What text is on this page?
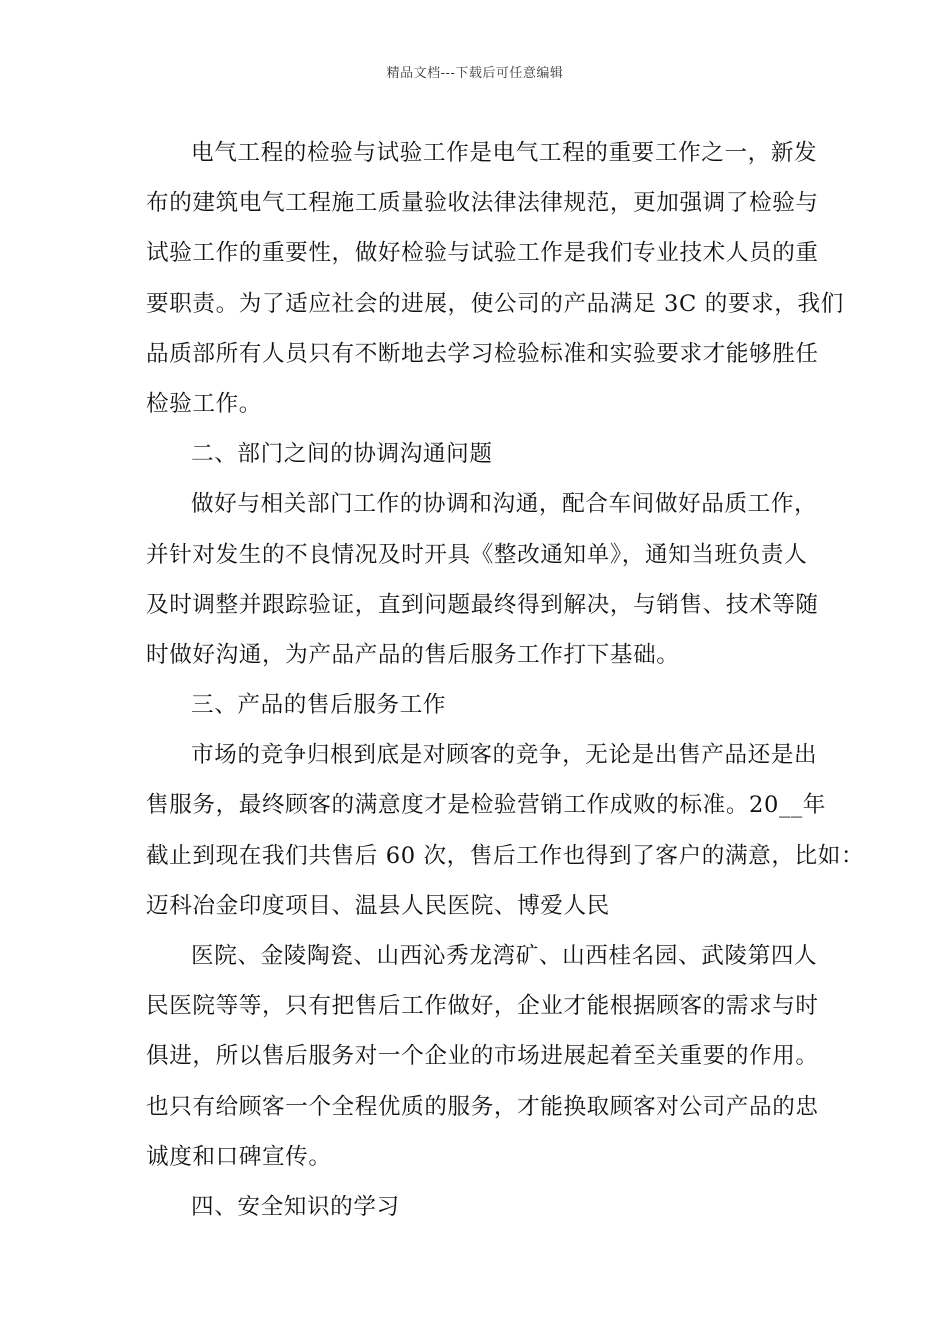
精品文档---下载后可任意编辑
电气工程的检验与试验工作是电气工程的重要工作之一，新发
布的建筑电气工程施工质量验收法律法律规范，更加强调了检验与
试验工作的重要性，做好检验与试验工作是我们专业技术人员的重
要职责。为了适应社会的进展，使公司的产品满足 3C 的要求，我们
品质部所有人员只有不断地去学习检验标准和实验要求才能够胜任
检验工作。
二、部门之间的协调沟通问题
做好与相关部门工作的协调和沟通，配合车间做好品质工作，
并针对发生的不良情况及时开具《整改通知单》，通知当班负责人
及时调整并跟踪验证，直到问题最终得到解决，与销售、技术等随
时做好沟通，为产品产品的售后服务工作打下基础。
三、产品的售后服务工作
市场的竞争归根到底是对顾客的竞争，无论是出售产品还是出
售服务，最终顾客的满意度才是检验营销工作成败的标准。20__年
截止到现在我们共售后 60 次，售后工作也得到了客户的满意，比如：
迈科冶金印度项目、温县人民医院、博爱人民
医院、金陵陶瓷、山西沁秀龙湾矿、山西桂名园、武陵第四人
民医院等等，只有把售后工作做好，企业才能根据顾客的需求与时
俱进，所以售后服务对一个企业的市场进展起着至关重要的作用。
也只有给顾客一个全程优质的服务，才能换取顾客对公司产品的忠
诚度和口碑宣传。
四、安全知识的学习
